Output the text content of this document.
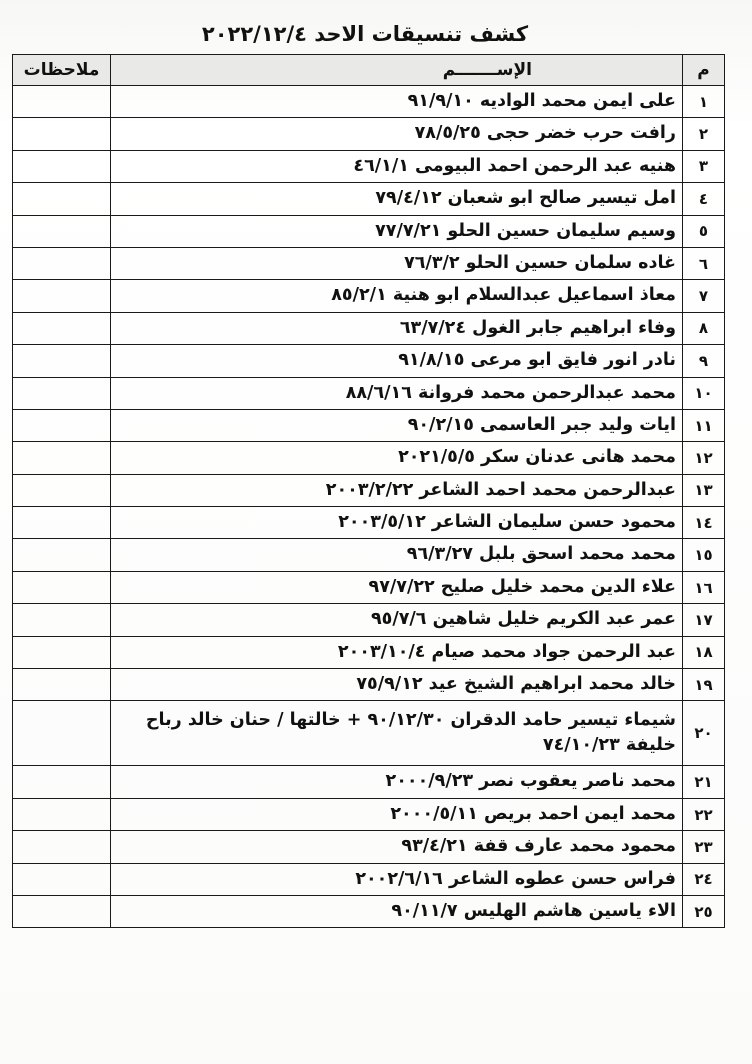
كشف تنسيقات الاحد ٢٠٢٢/١٢/٤
م	الإســـــــم	ملاحظات
١	على ايمن محمد الواديه ٩١/٩/١٠	
٢	رافت حرب خضر حجى ٧٨/٥/٢٥	
٣	هنيه عبد الرحمن احمد البيومى ٤٦/١/١	
٤	امل تيسير صالح ابو شعبان ٧٩/٤/١٢	
٥	وسيم سليمان حسين الحلو ٧٧/٧/٢١	
٦	غاده سلمان حسين الحلو ٧٦/٣/٢	
٧	معاذ اسماعيل عبدالسلام ابو هنية ٨٥/٢/١	
٨	وفاء ابراهيم جابر الغول ٦٣/٧/٢٤	
٩	نادر انور فايق ابو مرعى ٩١/٨/١٥	
١٠	محمد عبدالرحمن محمد فروانة ٨٨/٦/١٦	
١١	ايات وليد جبر العاسمى ٩٠/٢/١٥	
١٢	محمد هانى عدنان سكر ٢٠٢١/٥/٥	
١٣	عبدالرحمن محمد احمد الشاعر ٢٠٠٣/٢/٢٢	
١٤	محمود حسن سليمان الشاعر ٢٠٠٣/٥/١٢	
١٥	محمد محمد اسحق بلبل ٩٦/٣/٢٧	
١٦	علاء الدين محمد خليل صليح ٩٧/٧/٢٢	
١٧	عمر عبد الكريم خليل شاهين ٩٥/٧/٦	
١٨	عبد الرحمن جواد محمد صيام ٢٠٠٣/١٠/٤	
١٩	خالد محمد ابراهيم الشيخ عيد ٧٥/٩/١٢	
٢٠	شيماء تيسير حامد الدقران ٩٠/١٢/٣٠ + خالتها / حنان خالد رباح خليفة ٧٤/١٠/٢٣	
٢١	محمد ناصر يعقوب نصر ٢٠٠٠/٩/٢٣	
٢٢	محمد ايمن احمد بريص ٢٠٠٠/٥/١١	
٢٣	محمود محمد عارف قفة ٩٣/٤/٢١	
٢٤	فراس حسن عطوه الشاعر ٢٠٠٢/٦/١٦	
٢٥	الاء ياسين هاشم الهليس ٩٠/١١/٧	
